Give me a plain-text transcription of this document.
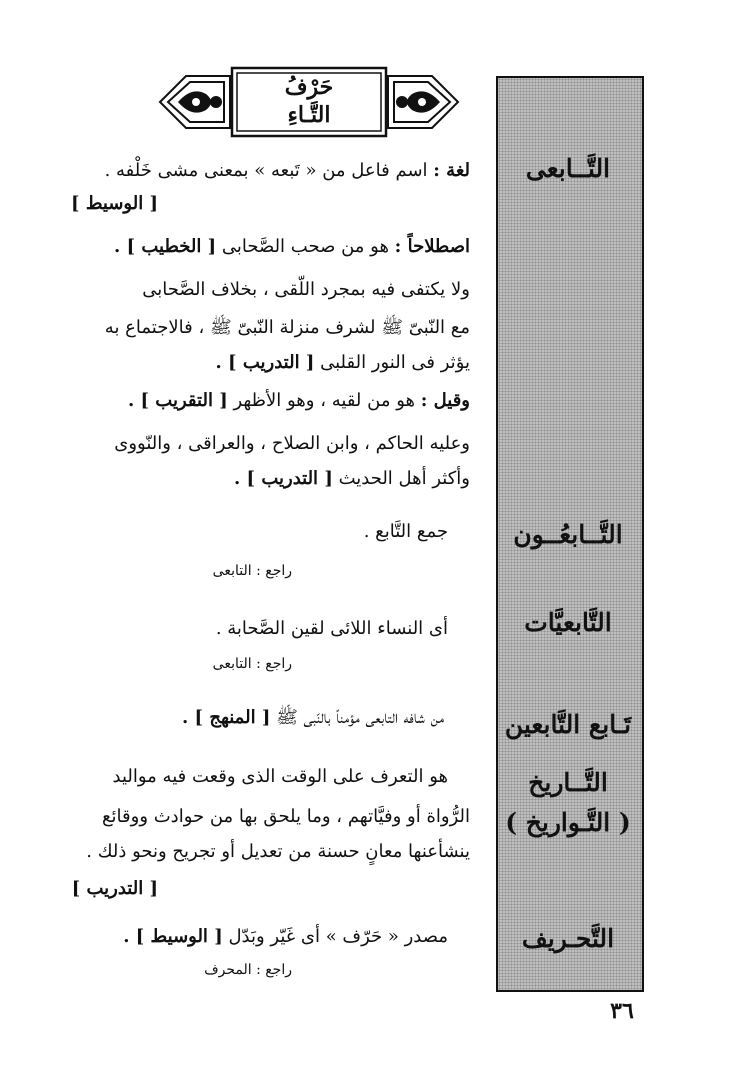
حَرْفُ
التَّـاءِ
التَّــابعى
التَّــابعُــون
التَّابعيَّات
تَـابع التَّابعين
التَّــاريخ
( التَّـواريخ )
التَّحـريف
لغة : اسم فاعل من « تَبعه » بمعنى مشى خَلْفه .
[ الوسيط ]
اصطلاحاً : هو من صحب الصَّحابى [ الخطيب ] .
ولا يكتفى فيه بمجرد اللّقى ، بخلاف الصَّحابى
مع النّبىّ ﷺ لشرف منزلة النّبىّ ﷺ ، فالاجتماع به
يؤثر فى النور القلبى [ التدريب ] .
وقيل : هو من لقيه ، وهو الأظهر [ التقريب ] .
وعليه الحاكم ، وابن الصلاح ، والعراقى ، والنّووى
وأكثر أهل الحديث [ التدريب ] .
جمع التَّابع .
راجع : التابعى
أى النساء اللائى لقين الصَّحابة .
راجع : التابعى
من شافه التابعى مؤمناً بالنّبى ﷺ [ المنهج ] .
هو التعرف على الوقت الذى وقعت فيه مواليد
الرُّواة أو وفيَّاتهم ، وما يلحق بها من حوادث ووقائع
ينشأعنها معانٍ حسنة من تعديل أو تجريح ونحو ذلك .
[ التدريب ]
مصدر « حَرّف » أى غَيّر وبَدّل [ الوسيط ] .
راجع : المحرف
٣٦
